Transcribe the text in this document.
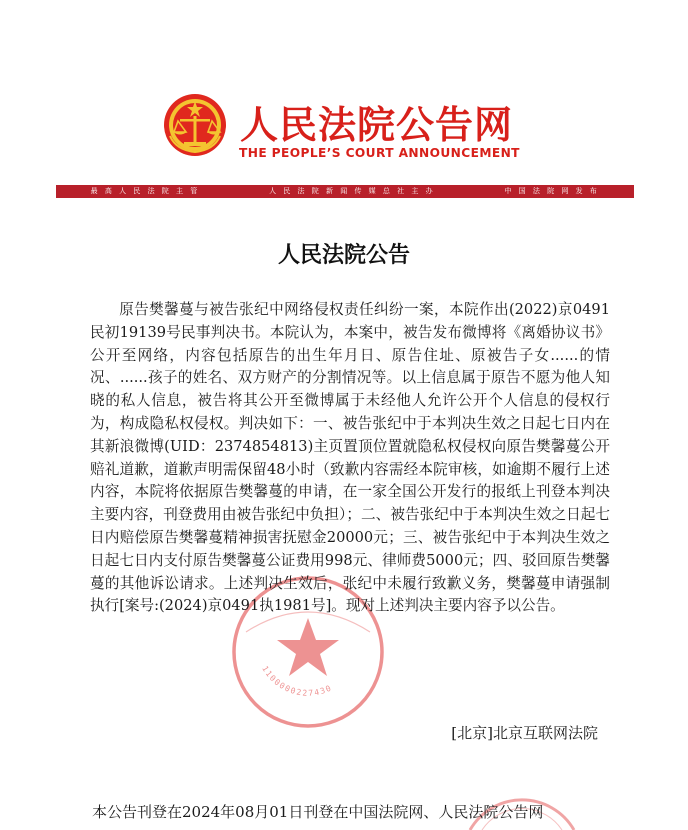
人民法院公告网
THE PEOPLE’S COURT ANNOUNCEMENT
最 高 人 民 法 院 主 管	人 民 法 院 新 闻 传 媒 总 社 主 办	中 国 法 院 网 发 布
人民法院公告

原告樊馨蔓与被告张纪中网络侵权责任纠纷一案，本院作出(2022)京0491民初19139号民事判决书。本院认为，本案中，被告发布微博将《离婚协议书》公开至网络，内容包括原告的出生年月日、原告住址、原被告子女......的情况、......孩子的姓名、双方财产的分割情况等。以上信息属于原告不愿为他人知晓的私人信息，被告将其公开至微博属于未经他人允许公开个人信息的侵权行为，构成隐私权侵权。判决如下：一、被告张纪中于本判决生效之日起七日内在其新浪微博(UID：2374854813)主页置顶位置就隐私权侵权向原告樊馨蔓公开赔礼道歉，道歉声明需保留48小时（致歉内容需经本院审核，如逾期不履行上述内容，本院将依据原告樊馨蔓的申请，在一家全国公开发行的报纸上刊登本判决主要内容，刊登费用由被告张纪中负担）；二、被告张纪中于本判决生效之日起七日内赔偿原告樊馨蔓精神损害抚慰金20000元；三、被告张纪中于本判决生效之日起七日内支付原告樊馨蔓公证费用998元、律师费5000元；四、驳回原告樊馨蔓的其他诉讼请求。上述判决生效后，张纪中未履行致歉义务，樊馨蔓申请强制执行[案号:(2024)京0491执1981号]。现对上述判决主要内容予以公告。

1100000227430
[北京]北京互联网法院
本公告刊登在2024年08月01日刊登在中国法院网、人民法院公告网
